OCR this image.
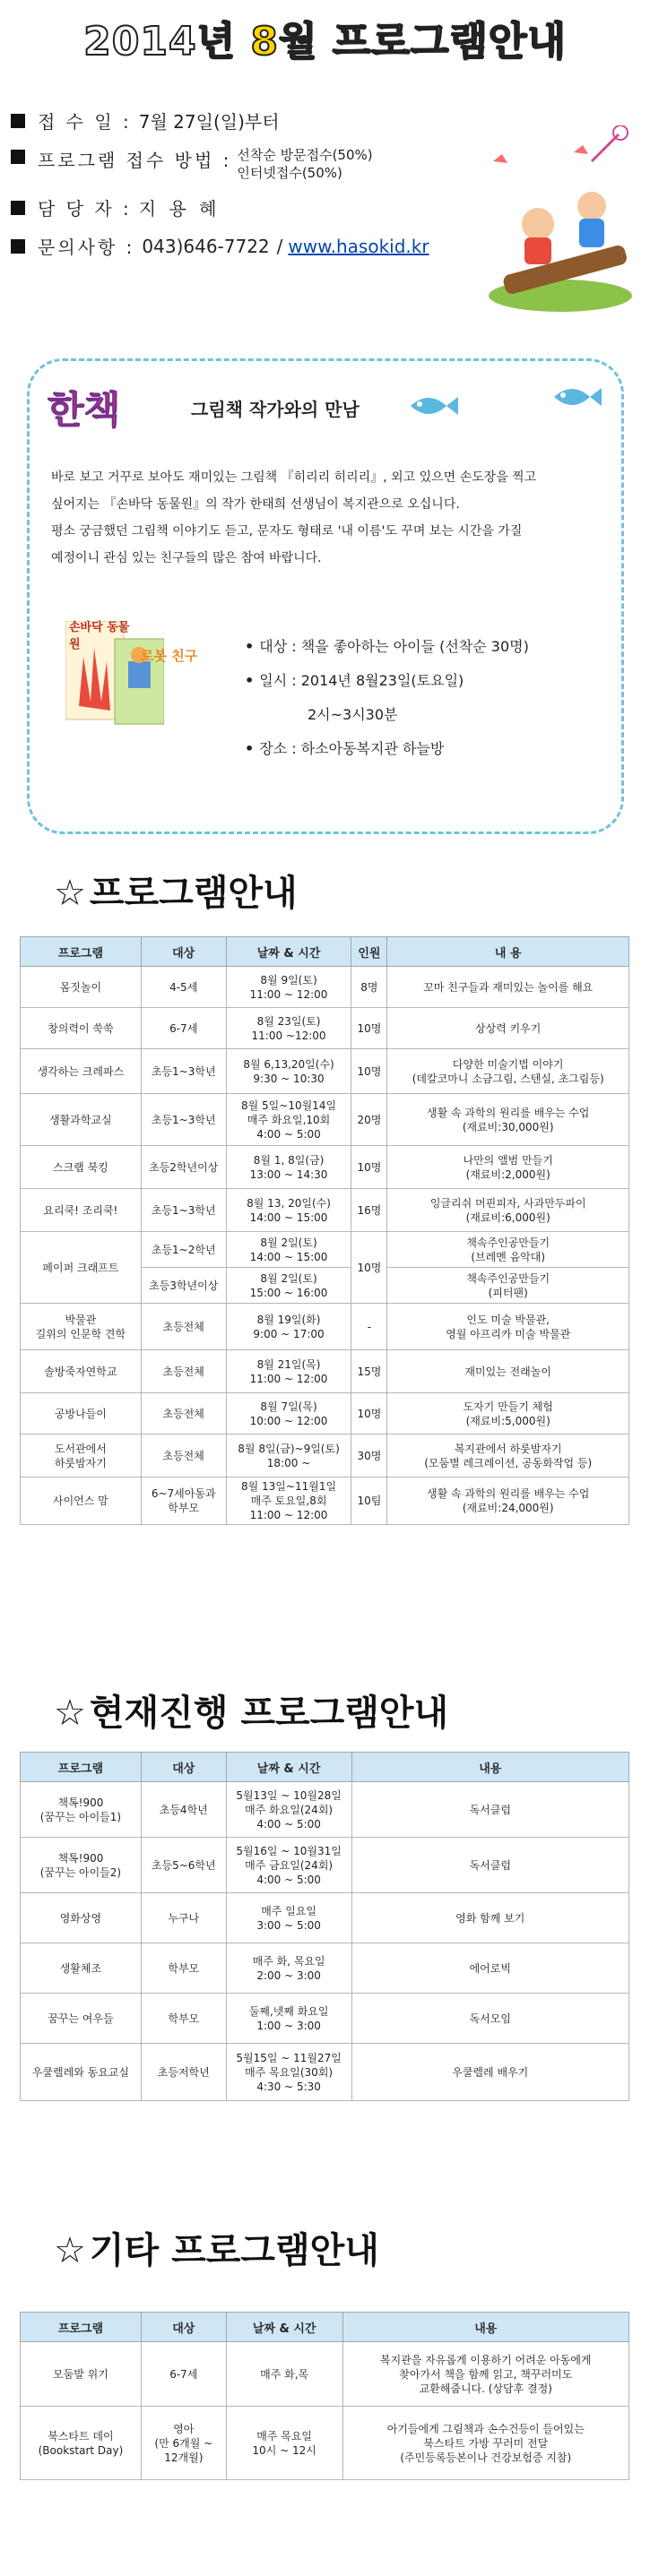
2014년 8월 프로그램안내
접 수 일 : 7월 27일(일)부터
프로그램 접수 방법 : 선착순 방문접수(50%)
인터넷접수(50%)
담 당 자 : 지 용 혜
문의사항 : 043)646-7722 / www.hasokid.kr
한책	그림책 작가와의 만남
바로 보고 거꾸로 보아도 재미있는 그림책 『히리리 히리리』, 외고 있으면 손도장을 찍고
싶어지는 『손바닥 동물원』의 작가 한태희 선생님이 복지관으로 오십니다.
평소 궁금했던 그림책 이야기도 듣고, 문자도 형태로 '내 이름'도 꾸며 보는 시간을 가질
예정이니 관심 있는 친구들의 많은 참여 바랍니다.
손바닥 동물원
로봇 친구
• 대상 : 책을 좋아하는 아이들 (선착순 30명)
• 일시 : 2014년 8월23일(토요일)
2시~3시30분
• 장소 : 하소아동복지관 하늘방
☆ 프로그램안내
프로그램	대상	날짜 & 시간	인원	내 용
몸짓놀이	4-5세	8월 9일(토)
11:00 ~ 12:00	8명	꼬마 친구들과 재미있는 놀이를 해요
창의력이 쑥쑥	6-7세	8월 23일(토)
11:00 ~12:00	10명	상상력 키우기
생각하는 크레파스	초등1~3학년	8월 6,13,20일(수)
9:30 ~ 10:30	10명	다양한 미술기법 이야기
(데칼코마니 소금그림, 스텐실, 초그림등)
생활과학교실	초등1~3학년	8월 5일~10월14일
매주 화요일,10회
4:00 ~ 5:00	20명	생활 속 과학의 원리를 배우는 수업
(재료비:30,000원)
스크랩 북킹	초등2학년이상	8월 1, 8일(금)
13:00 ~ 14:30	10명	나만의 앨범 만들기
(재료비:2,000원)
요리쿡! 조리쿡!	초등1~3학년	8월 13, 20일(수)
14:00 ~ 15:00	16명	잉글리쉬 머핀피자, 사과만두파이
(재료비:6,000원)
페이퍼 크래프트	초등1~2학년	8월 2일(토)
14:00 ~ 15:00	10명	책속주인공만들기
(브레멘 음악대)
	초등3학년이상	8월 2일(토)
15:00 ~ 16:00		책속주인공만들기
(피터팬)
박물관
길위의 인문학 견학	초등전체	8월 19일(화)
9:00 ~ 17:00	-	인도 미술 박물관,
영월 아프리카 미술 박물관
솔방죽자연학교	초등전체	8월 21일(목)
11:00 ~ 12:00	15명	재미있는 전래놀이
공방나들이	초등전체	8월 7일(목)
10:00 ~ 12:00	10명	도자기 만들기 체험
(재료비:5,000원)
도서관에서
하룻밤자기	초등전체	8월 8일(금)~9일(토)
18:00 ~	30명	복지관에서 하룻밤자기
(모둠별 레크레이션, 공동화작업 등)
사이언스 맘	6~7세아동과
학부모	8월 13일~11월1일
매주 토요일,8회
11:00 ~ 12:00	10팀	생활 속 과학의 원리를 배우는 수업
(재료비:24,000원)
☆ 현재진행 프로그램안내
프로그램	대상	날짜 & 시간	내용
책톡!900
(꿈꾸는 아이들1)	초등4학년	5월13일 ~ 10월28일
매주 화요일(24회)
4:00 ~ 5:00	독서클럽
책톡!900
(꿈꾸는 아이들2)	초등5~6학년	5월16일 ~ 10월31일
매주 금요일(24회)
4:00 ~ 5:00	독서클럽
영화상영	누구나	매주 일요일
3:00 ~ 5:00	영화 함께 보기
생활체조	학부모	매주 화, 목요일
2:00 ~ 3:00	에어로빅
꿈꾸는 여우들	학부모	둘째,넷째 화요일
1:00 ~ 3:00	독서모임
우쿨렐레와 동요교실	초등저학년	5월15일 ~ 11월27일
매주 목요일(30회)
4:30 ~ 5:30	우쿨렐레 배우기
☆ 기타 프로그램안내
프로그램	대상	날짜 & 시간	내용
모둠발 위기	6-7세	매주 화,목	복지관을 자유롭게 이용하기 어려운 아동에게
찾아가서 책을 함께 읽고, 책꾸러미도
교환해줍니다. (상담후 결정)
북스타트 데이
(Bookstart Day)	영아
(만 6개월 ~
12개월)	매주 목요일
10시 ~ 12시	아기들에게 그림책과 손수건등이 들어있는
북스타트 가방 꾸러미 전달
(주민등록등본이나 건강보험증 지참)
